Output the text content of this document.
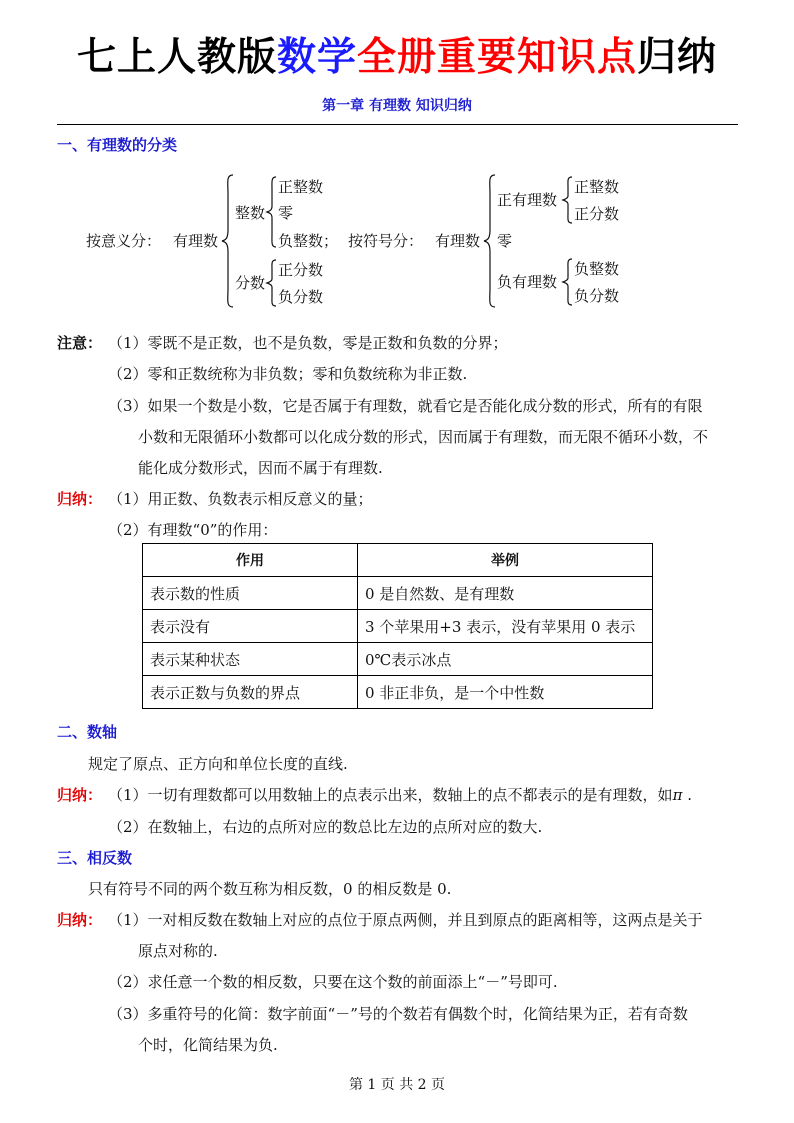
七上人教版数学全册重要知识点归纳
第一章 有理数 知识归纳
一、有理数的分类
按意义分： 有理数
整数
正整数
零
负整数；
分数
正分数
负分数
按符号分： 有理数
正有理数
正整数
正分数
零
负有理数
负整数
负分数
注意： （1）零既不是正数，也不是负数，零是正数和负数的分界；
（2）零和正数统称为非负数；零和负数统称为非正数.
（3）如果一个数是小数，它是否属于有理数，就看它是否能化成分数的形式，所有的有限
小数和无限循环小数都可以化成分数的形式，因而属于有理数，而无限不循环小数，不
能化成分数形式，因而不属于有理数.
归纳： （1）用正数、负数表示相反意义的量；
（2）有理数“0”的作用：
作用	举例
表示数的性质	0 是自然数、是有理数
表示没有	3 个苹果用+3 表示，没有苹果用 0 表示
表示某种状态	0℃表示冰点
表示正数与负数的界点	0 非正非负，是一个中性数
二、数轴
规定了原点、正方向和单位长度的直线.
归纳： （1）一切有理数都可以用数轴上的点表示出来，数轴上的点不都表示的是有理数，如π .
（2）在数轴上，右边的点所对应的数总比左边的点所对应的数大.
三、相反数
只有符号不同的两个数互称为相反数，0 的相反数是 0.
归纳： （1）一对相反数在数轴上对应的点位于原点两侧，并且到原点的距离相等，这两点是关于
原点对称的.
（2）求任意一个数的相反数，只要在这个数的前面添上“－”号即可.
（3）多重符号的化简：数字前面“－”号的个数若有偶数个时，化简结果为正，若有奇数
个时，化简结果为负.
第 1 页 共 2 页
